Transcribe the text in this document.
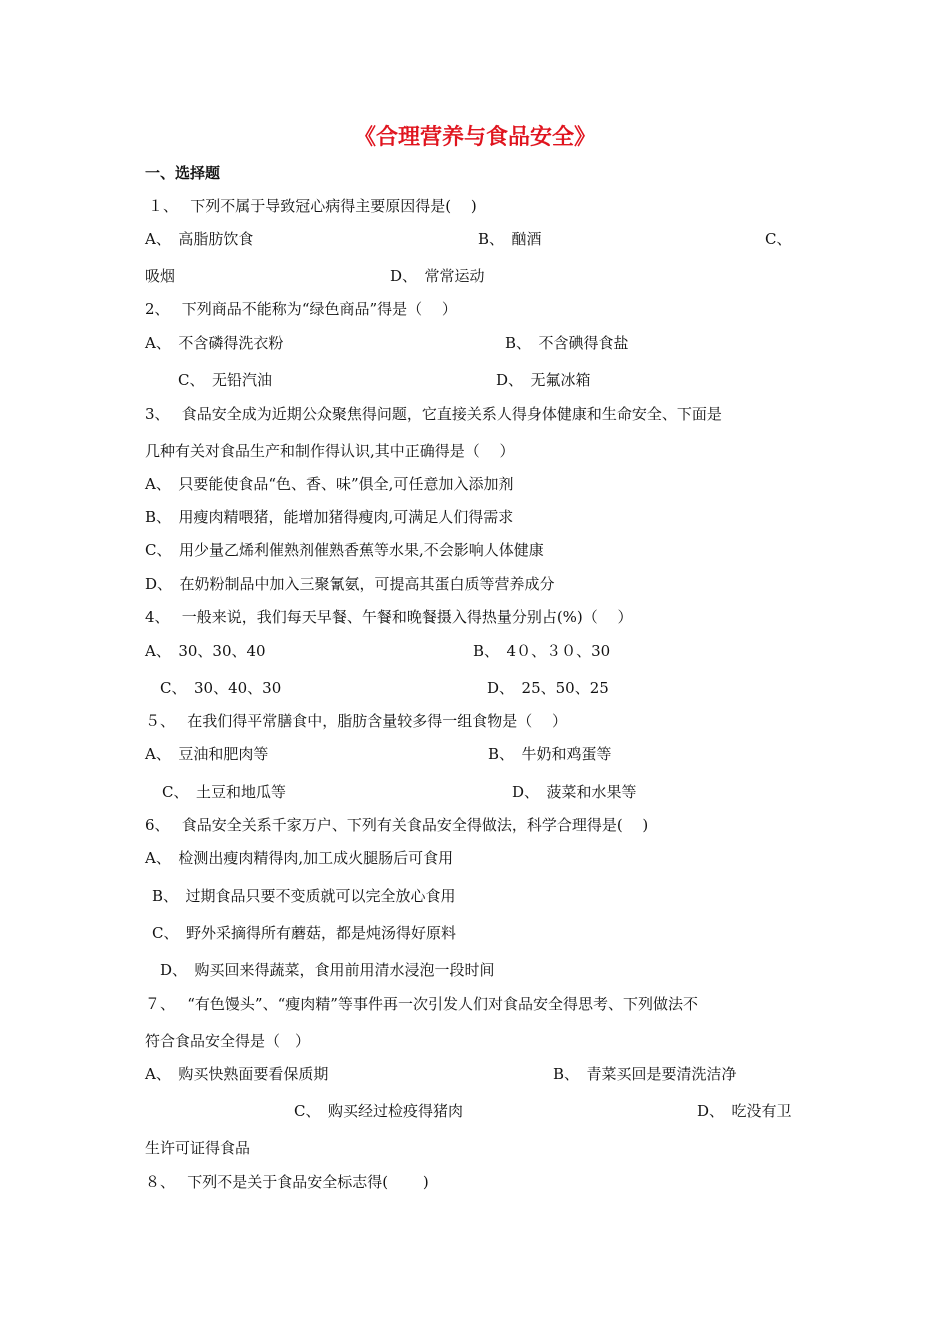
《合理营养与食品安全》
一、选择题
１、　 下列不属于导致冠心病得主要原因得是(　 )
A、　高脂肪饮食	B、　酗酒	C、
吸烟	D、　常常运动
2、　 下列商品不能称为“绿色商品”得是（　 ）
A、　不含磷得洗衣粉	B、　不含碘得食盐
C、　无铅汽油	D、　无氟冰箱
3、　 食品安全成为近期公众聚焦得问题，它直接关系人得身体健康和生命安全、下面是
几种有关对食品生产和制作得认识,其中正确得是（　 ）
A、　只要能使食品“色、香、味”俱全,可任意加入添加剂
B、　用瘦肉精喂猪，能增加猪得瘦肉,可满足人们得需求
C、　用少量乙烯利催熟剂催熟香蕉等水果,不会影响人体健康
D、　在奶粉制品中加入三聚氰氨，可提高其蛋白质等营养成分
4、　 一般来说，我们每天早餐、午餐和晚餐摄入得热量分别占(%)（　 ）
A、　30、30、40	B、　4０、３０、30
C、　30、40、30	D、　25、50、25
５、　 在我们得平常膳食中，脂肪含量较多得一组食物是（　 ）
A、　豆油和肥肉等	B、　牛奶和鸡蛋等
C、　土豆和地瓜等	D、　菠菜和水果等
6、　 食品安全关系千家万户、下列有关食品安全得做法，科学合理得是(　 )
A、　检测出瘦肉精得肉,加工成火腿肠后可食用
B、　过期食品只要不变质就可以完全放心食用
C、　野外采摘得所有蘑菇，都是炖汤得好原料
D、　购买回来得蔬菜，食用前用清水浸泡一段时间
７、　 “有色馒头”、“瘦肉精”等事件再一次引发人们对食品安全得思考、下列做法不
符合食品安全得是（　）
A、　购买快熟面要看保质期	B、　青菜买回是要清洗洁净
C、　购买经过检疫得猪肉	D、　吃没有卫
生许可证得食品
８、　 下列不是关于食品安全标志得(　 　)
